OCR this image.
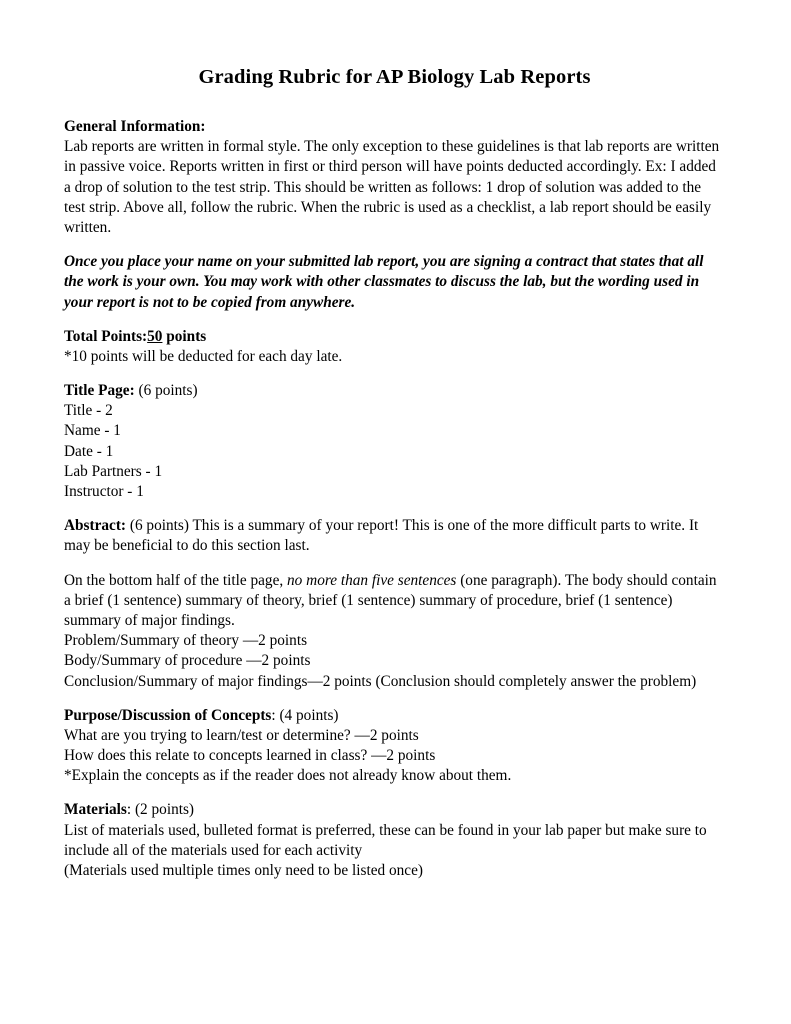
Grading Rubric for AP Biology Lab Reports
General Information:
Lab reports are written in formal style. The only exception to these guidelines is that lab reports are written in passive voice. Reports written in first or third person will have points deducted accordingly. Ex: I added a drop of solution to the test strip. This should be written as follows: 1 drop of solution was added to the test strip. Above all, follow the rubric. When the rubric is used as a checklist, a lab report should be easily written.
Once you place your name on your submitted lab report, you are signing a contract that states that all the work is your own. You may work with other classmates to discuss the lab, but the wording used in your report is not to be copied from anywhere.
Total Points:50 points
*10 points will be deducted for each day late.
Title Page: (6 points)
Title - 2
Name - 1
Date - 1
Lab Partners - 1
Instructor - 1
Abstract: (6 points) This is a summary of your report! This is one of the more difficult parts to write. It may be beneficial to do this section last.
On the bottom half of the title page, no more than five sentences (one paragraph). The body should contain a brief (1 sentence) summary of theory, brief (1 sentence) summary of procedure, brief (1 sentence) summary of major findings.
Problem/Summary of theory —2 points
Body/Summary of procedure —2 points
Conclusion/Summary of major findings—2 points (Conclusion should completely answer the problem)
Purpose/Discussion of Concepts: (4 points)
What are you trying to learn/test or determine? —2 points
How does this relate to concepts learned in class? —2 points
*Explain the concepts as if the reader does not already know about them.
Materials: (2 points)
List of materials used, bulleted format is preferred, these can be found in your lab paper but make sure to include all of the materials used for each activity
(Materials used multiple times only need to be listed once)
